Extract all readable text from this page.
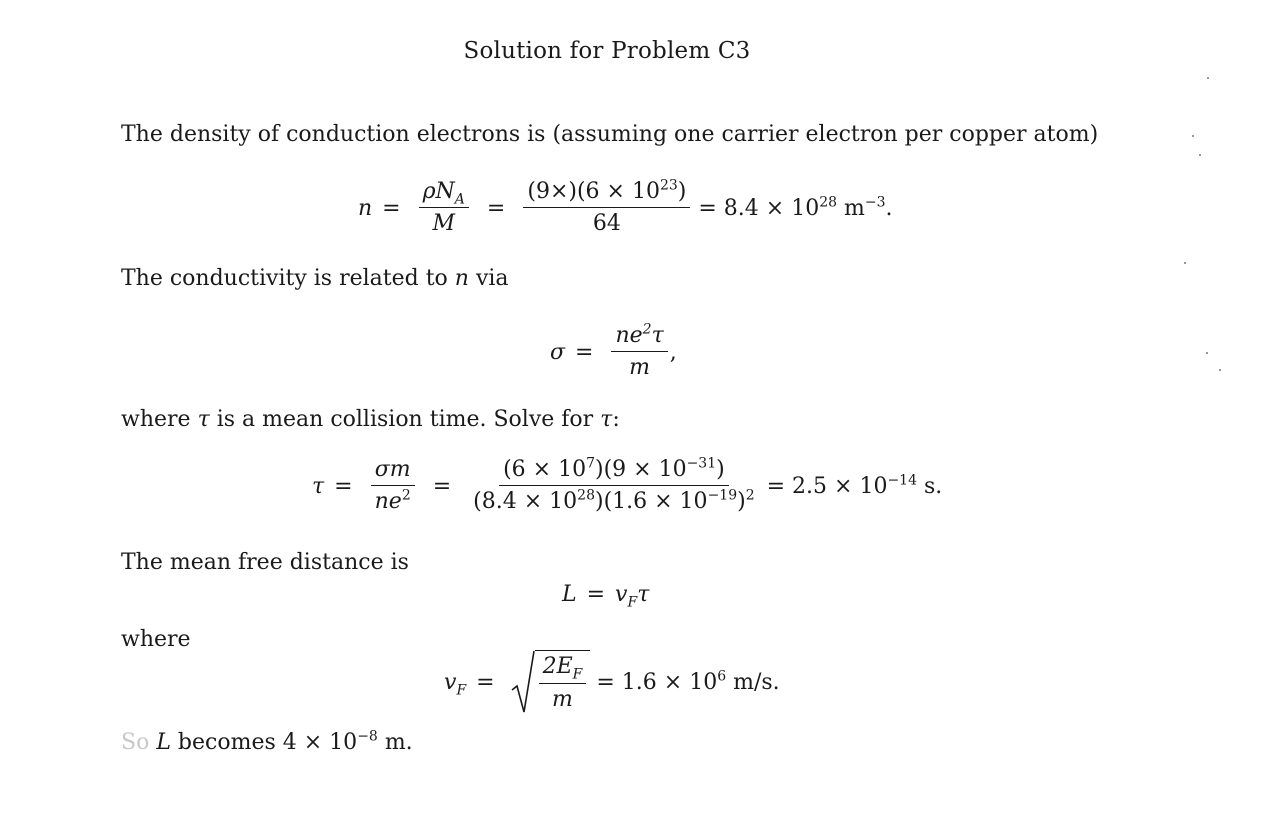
Solution for Problem C3
The density of conduction electrons is (assuming one carrier electron per copper atom)
$n = \frac{\rho N_A}{M} = \frac{(9\times)(6 \times 10^{23})}{64} = 8.4 \times 10^{28}$ $m^{-3}$.
The conductivity is related to n via
$\sigma = \frac{ne^2\tau}{m}$ ,
where τ is a mean collision time. Solve for τ:
$\tau = \frac{\sigma m}{ne^2} = \frac{(6 \times 10^7)(9 \times 10^{-31})}{(8.4 \times 10^{28})(1.6 \times 10^{-19})^2} = 2.5 \times 10^{-14}$ s.
The mean free distance is
$L = v_F\tau$
where
$v_F = \frac{2E_F}{m} = 1.6 \times 10^6$ m/s.
So L becomes $4 \times 10^{-8}$ m.
